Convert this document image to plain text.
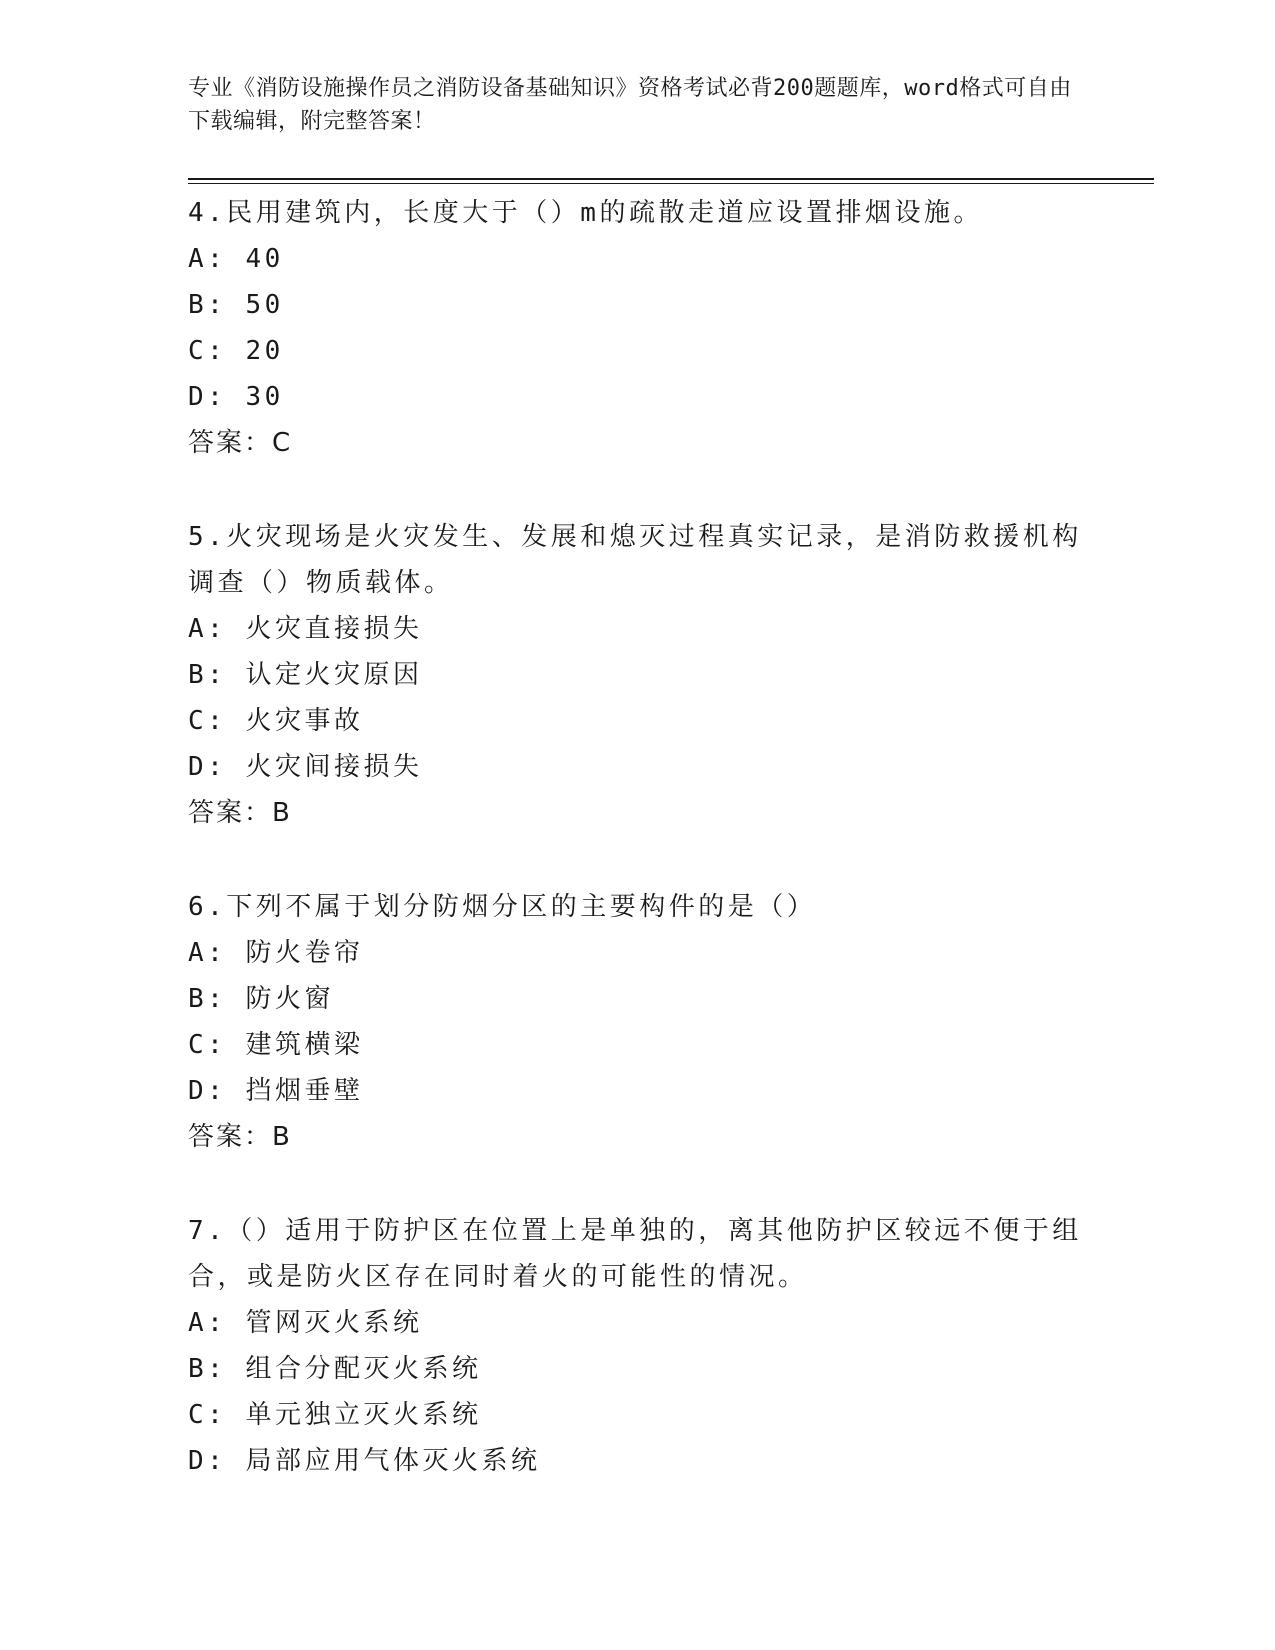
专业《消防设施操作员之消防设备基础知识》资格考试必背200题题库，word格式可自由下载编辑，附完整答案！

4.民用建筑内，长度大于（）m的疏散走道应设置排烟设施。

A: 40

B: 50

C: 20

D: 30

答案：C

5.火灾现场是火灾发生、发展和熄灭过程真实记录，是消防救援机构调查（）物质载体。

A: 火灾直接损失

B: 认定火灾原因

C: 火灾事故

D: 火灾间接损失

答案：B

6.下列不属于划分防烟分区的主要构件的是（）

A: 防火卷帘

B: 防火窗

C: 建筑横梁

D: 挡烟垂壁

答案：B

7.（）适用于防护区在位置上是单独的，离其他防护区较远不便于组合，或是防火区存在同时着火的可能性的情况。

A: 管网灭火系统

B: 组合分配灭火系统

C: 单元独立灭火系统

D: 局部应用气体灭火系统
